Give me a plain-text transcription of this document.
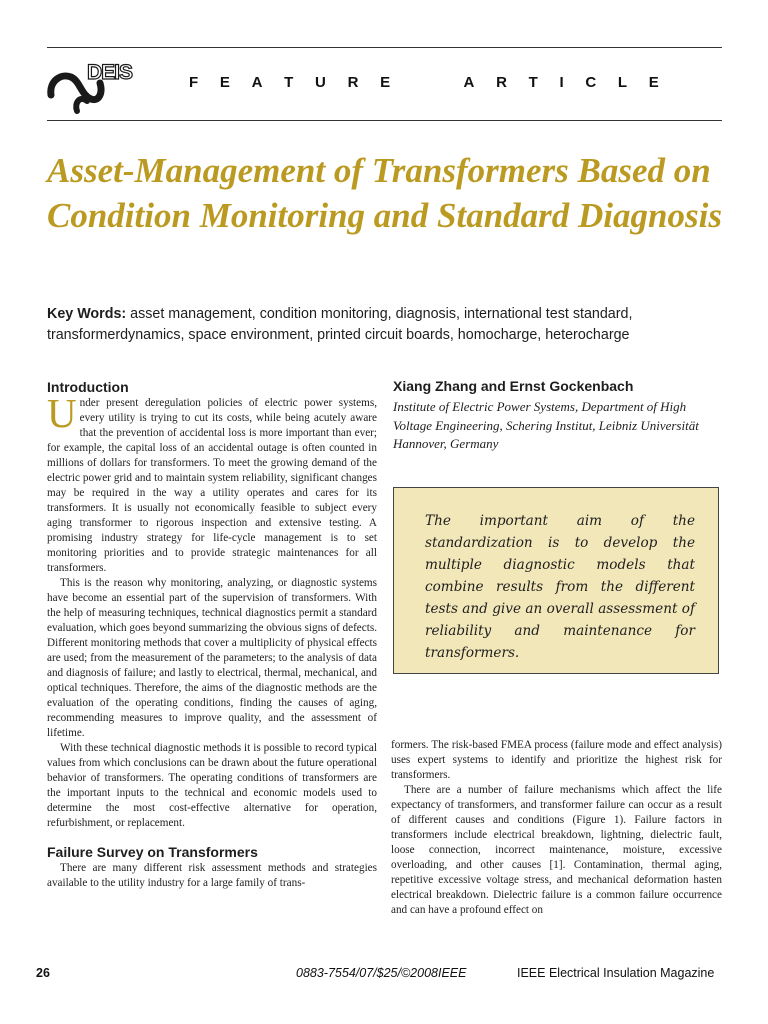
DEIS	F E A T U R E	A R T I C L E
Asset-Management of Transformers Based on Condition Monitoring and Standard Diagnosis
Key Words: asset management, condition monitoring, diagnosis, international test standard, transformerdynamics, space environment, printed circuit boards, homocharge, heterocharge
Introduction

Under present deregulation policies of electric power systems, every utility is trying to cut its costs, while being acutely aware that the prevention of accidental loss is more important than ever; for example, the capital loss of an accidental outage is often counted in millions of dollars for transformers. To meet the growing demand of the electric power grid and to maintain system reliability, significant changes may be required in the way a utility operates and cares for its transformers. It is usually not economically feasible to subject every aging transformer to rigorous inspection and extensive testing. A promising industry strategy for life-cycle management is to set monitoring priorities and to provide strategic maintenances for all transformers.

This is the reason why monitoring, analyzing, or diagnostic systems have become an essential part of the supervision of transformers. With the help of measuring techniques, technical diagnostics permit a standard evaluation, which goes beyond summarizing the obvious signs of defects. Different monitoring methods that cover a multiplicity of physical effects are used; from the measurement of the parameters; to the analysis of data and diagnosis of failure; and lastly to electrical, thermal, mechanical, and optical techniques. Therefore, the aims of the diagnostic methods are the evaluation of the operating conditions, finding the causes of aging, recommending measures to improve quality, and the assessment of lifetime.

With these technical diagnostic methods it is possible to record typical values from which conclusions can be drawn about the future operational behavior of transformers. The operating conditions of transformers are the important inputs to the technical and economic models used to determine the most cost-effective alternative for operation, refurbishment, or replacement.

Failure Survey on Transformers

There are many different risk assessment methods and strategies available to the utility industry for a large family of trans-

Xiang Zhang and Ernst Gockenbach
Institute of Electric Power Systems, Department of High Voltage Engineering, Schering Institut, Leibniz Universität Hannover, Germany

The important aim of the standardization is to develop the multiple diagnostic models that combine results from the different tests and give an overall assessment of reliability and maintenance for transformers.

formers. The risk-based FMEA process (failure mode and effect analysis) uses expert systems to identify and prioritize the highest risk for transformers.

There are a number of failure mechanisms which affect the life expectancy of transformers, and transformer failure can occur as a result of different causes and conditions (Figure 1). Failure factors in transformers include electrical breakdown, lightning, dielectric fault, loose connection, incorrect maintenance, moisture, excessive overloading, and other causes [1]. Contamination, thermal aging, repetitive excessive voltage stress, and mechanical deformation hasten electrical breakdown. Dielectric failure is a common failure occurrence and can have a profound effect on

26	0883-7554/07/$25/©2008IEEE	IEEE Electrical Insulation Magazine
